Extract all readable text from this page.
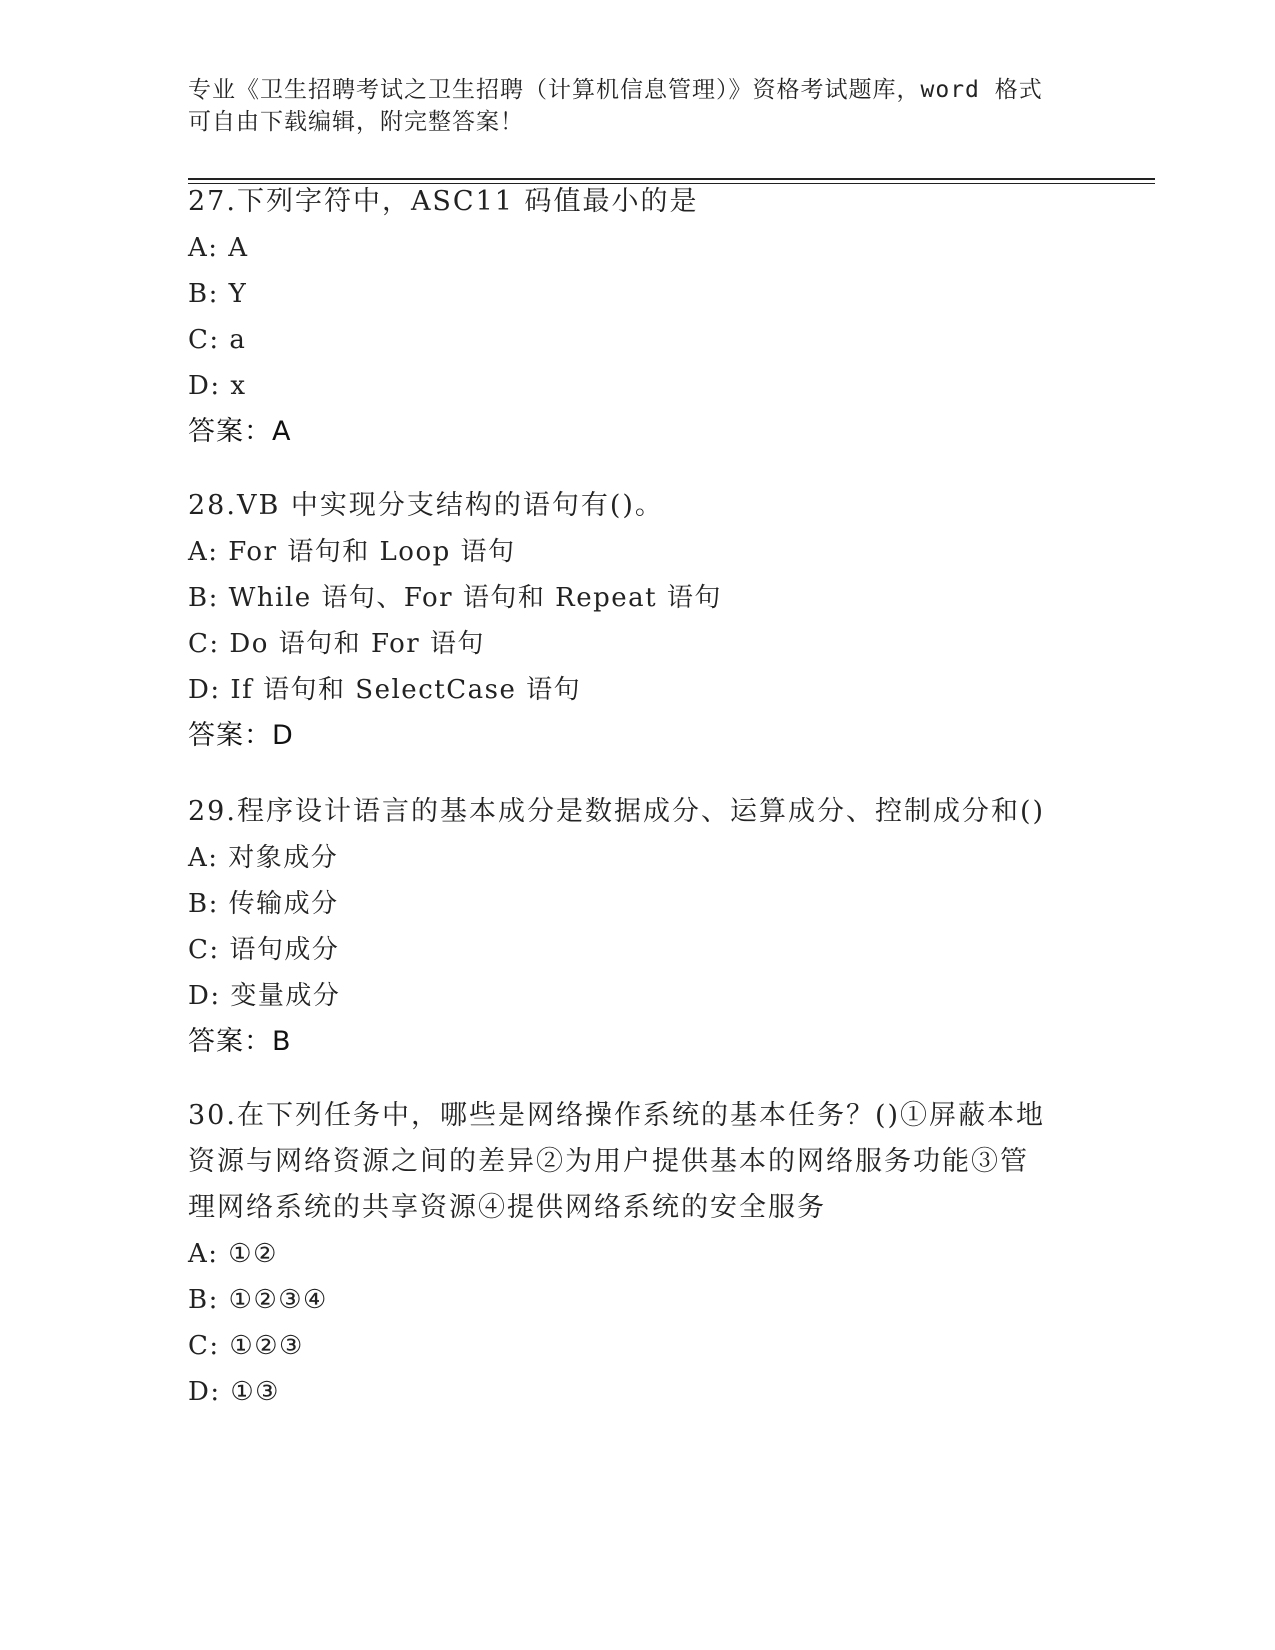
专业《卫生招聘考试之卫生招聘（计算机信息管理）》资格考试题库，word 格式
可自由下载编辑，附完整答案！

27.下列字符中，ASC11 码值最小的是

A: A
B: Y
C: a
D: x
答案：A

28.VB 中实现分支结构的语句有()。

A: For 语句和 Loop 语句
B: While 语句、For 语句和 Repeat 语句
C: Do 语句和 For 语句
D: If 语句和 SelectCase 语句
答案：D

29.程序设计语言的基本成分是数据成分、运算成分、控制成分和()

A: 对象成分
B: 传输成分
C: 语句成分
D: 变量成分
答案：B

30.在下列任务中，哪些是网络操作系统的基本任务？()①屏蔽本地资源与网络资源之间的差异②为用户提供基本的网络服务功能③管理网络系统的共享资源④提供网络系统的安全服务

A: ①②
B: ①②③④
C: ①②③
D: ①③
